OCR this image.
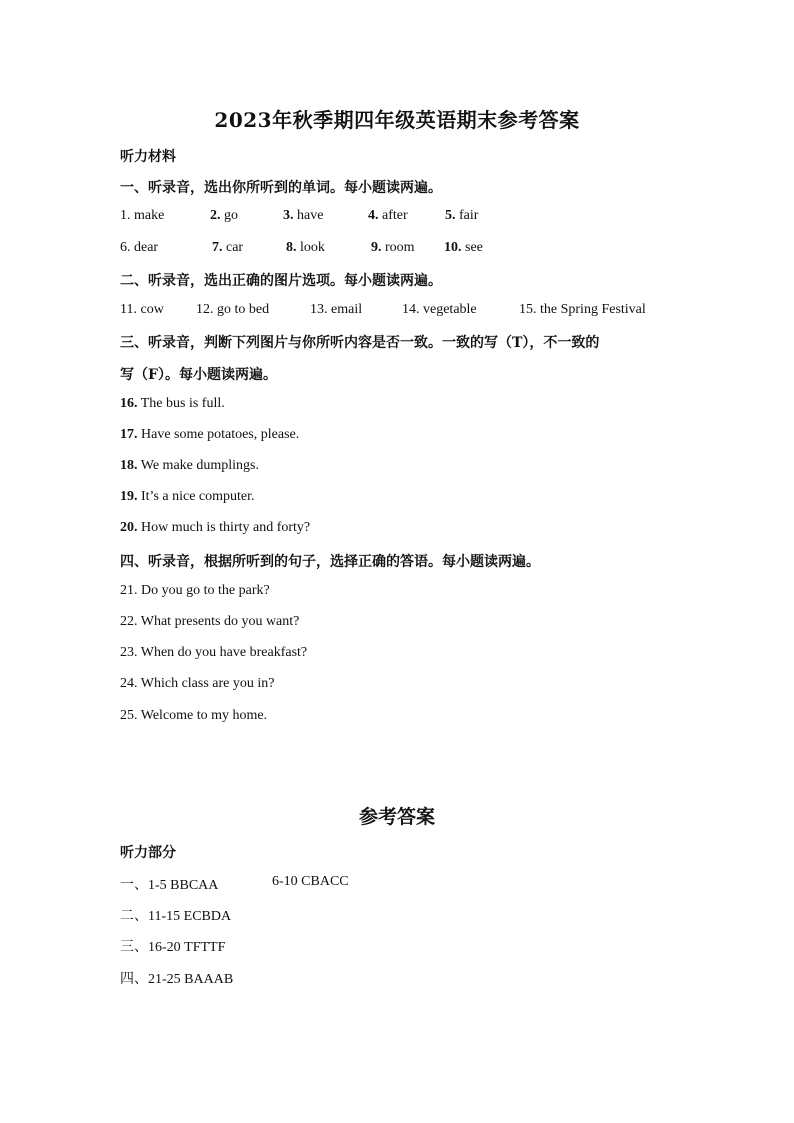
2023年秋季期四年级英语期末参考答案
听力材料
一、听录音，选出你所听到的单词。每小题读两遍。
1. make	2. go	3. have	4. after	5. fair
6. dear	7. car	8. look	9. room 10. see
二、听录音，选出正确的图片选项。每小题读两遍。
11. cow 12. go to bed	13. email	14. vegetable	15. the Spring Festival
三、听录音，判断下列图片与你所听内容是否一致。一致的写（T），不一致的
写（F）。每小题读两遍。
16. The bus is full.
17. Have some potatoes, please.
18. We make dumplings.
19. It’s a nice computer.
20. How much is thirty and forty?
四、听录音，根据所听到的句子，选择正确的答语。每小题读两遍。
21. Do you go to the park?
22. What presents do you want?
23. When do you have breakfast?
24. Which class are you in?
25. Welcome to my home.
参考答案
听力部分
一、1-5 BBCAA	6-10 CBACC
二、11-15 ECBDA
三、16-20 TFTTF
四、21-25 BAAAB
